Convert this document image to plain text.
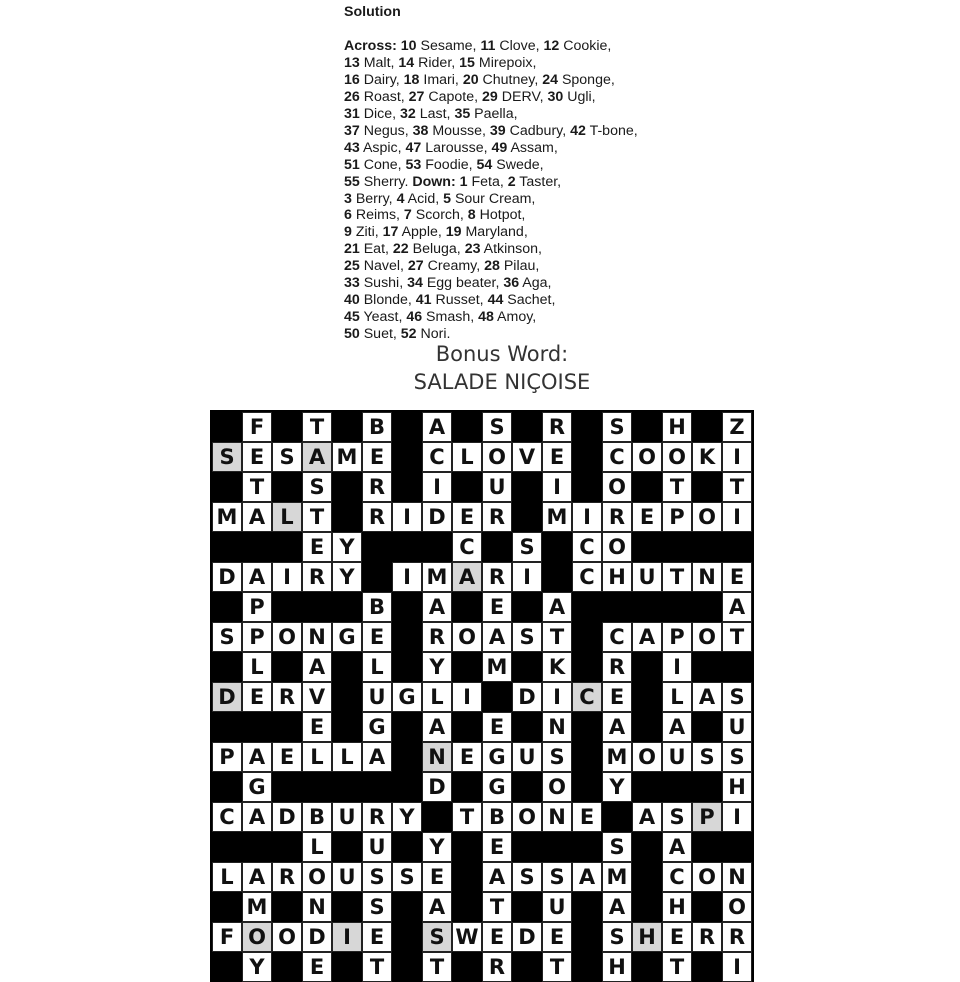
Solution

Across: 10 Sesame, 11 Clove, 12 Cookie,

13 Malt, 14 Rider, 15 Mirepoix,

16 Dairy, 18 Imari, 20 Chutney, 24 Sponge,

26 Roast, 27 Capote, 29 DERV, 30 Ugli,

31 Dice, 32 Last, 35 Paella,

37 Negus, 38 Mousse, 39 Cadbury, 42 T-bone,

43 Aspic, 47 Larousse, 49 Assam,

51 Cone, 53 Foodie, 54 Swede,

55 Sherry. Down: 1 Feta, 2 Taster,

3 Berry, 4 Acid, 5 Sour Cream,

6 Reims, 7 Scorch, 8 Hotpot,

9 Ziti, 17 Apple, 19 Maryland,

21 Eat, 22 Beluga, 23 Atkinson,

25 Navel, 27 Creamy, 28 Pilau,

33 Sushi, 34 Egg beater, 36 Aga,

40 Blonde, 41 Russet, 44 Sachet,

45 Yeast, 46 Smash, 48 Amoy,

50 Suet, 52 Nori.

Bonus Word:
SALADE NIÇOISE
F	T	B	A	S	R	S	H	Z
S E S A M E	C L O V E	C O O K I
T	S	R	I	U	I	O	T	T
M A L T	R I D E R	M I R E P O I
E Y	C	S	C O
D A I R Y	I M A R I	C H U T N E
P	B	A	E	A	A
S P O N G E	R O A S T	C A P O T
L	A	L	Y	M	K	R	I
D E R V	U G L I	D I C E	L A S
E	G	A	E	N	A	A	U
P A E L L A	N E G U S	M O U S S
G	D	G	O	Y	H
C A D B U R Y	T B O N E	A S P I
L	U	Y	E	S	A
L A R O U S S E	A S S A M	C O N
M N	S	A	T	U	A	H O
F O O D I E	S W E D E	S H E R R
Y	E	T	T	R	T	H	T	I
